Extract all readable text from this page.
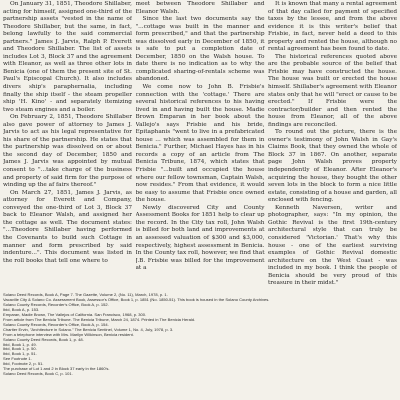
On January 31, 1851, Theodore Shillaber, acting for himself, assigned one-third of the partnership assets "vested in the name of Theodore Shillaber, but the same, in fact, belong lawfully to the said commercial partners." James J. Jarvis, Ralph P. Everett and Theodore Shillaber. The list of assets includes Lot 3, Block 37 and the agreement with Eleanor, as well as three other lots in Benicia (one of them the present site of St. Paul's Episcopal Church). It also includes divers ship's paraphernalia, including finally the ship itself - the steam propeller ship 'H. Kino' - and separately itemizing two steam engines and a boiler.

On February 2, 1851, Theodore Shillaber also gave power of attorney to James J. Jarvis to act as his legal representative for his share of the partnership. He states that the partnership was dissolved on or about the second day of December, 1850 and James J. Jarvis was appointed by mutual consent to "...take charge of the business and property of said firm for the purpose of winding up the af fairs thereof."

On March 27, 1851, James J. Jarvis, as attorney for Everett and Company, conveyed the one-third of Lot 3, Block 37 back to Eleanor Walsh, and assigned her the cottage as well. The document states: "...Theodore Shillaber having performed the Covenants to build such Cottage in manner and form prescribed by said indenture...". This document was listed in the roll books that tell one where to

meet between Theodore Shillaber and Eleanor Walsh.

Since the last two documents say the "...cottage was built in the manner and form prescribed," and that the partnership was dissolved early in December of 1850, it is safe to put a completion date of December, 1850 on the Walsh house. To date there is no indication as to why the complicated sharing-of-rentals scheme was abandoned.

We come now to John B. Frisbie's connection with the 'cottage.' There are several historical references to his having lived in and having built the house. Madie Brown Emparan in her book about the Vallejo's says Frisbie and his bride, Epitaphanis "went to live in a prefabricated house ... which was assembled for them in Benicia." Further, Michael Hayes has in his records a copy of an article from The Benicia Tribune, 1874, which states that Frisbie "...built and occupied the house where our fellow townsman, Captain Walsh, now resides." From that evidence, it would be easy to assume that Frisbie once owned the house.

Newly discovered City and County Assessment Books for 1851 help to clear up the record. In the City tax roll, John Walsh is billed for both land and improvements at an assessed valuation of $300 and $3,000, respectively, highest assessment in Benicia. In the County tax roll, however, we find that J.B. Frisbie was billed for the improvement at a

It is known that many a rental agreement of that day called for payment of specified taxes by the lessee, and from the above evidence it is this writer's belief that Frisbie, in fact, never held a deed to this property and rented the house, although no rental agreement has been found to date.

The historical references quoted above are the probable source of the belief that Frisbie may have constructed the house. The house was built or erected the house himself. Shillaber's agreement with Eleanor states only that he will "erect or cause to be erected." If Frisbie were the contractor/builder and then rented the house from Eleanor, all of the above findings are reconciled.

To round out the picture, there is the owner's testimony of John Walsh in Gay's Claims Book, that they owned the whole of Block 37 in 1867. On another, separate page John Walsh proves property independently of Eleanor. After Eleanor's acquiring the house, they bought the other seven lots in the block to form a nice little estate, consisting of a house and garden, all enclosed with fencing.

Kenneth Naversen, writer and photographer, says: "In my opinion, the Gothic Revival is the first 19th-century architectural style that can truly be considered 'Victorian.' That's why this house - one of the earliest surviving examples of Gothic Revival domestic architecture on the West Coast - was included in my book. I think the people of Benicia should be very proud of this treasure in their midst."

Solano Deed Records, Book A, Page 7. The Gazette, Volume 2, (No. 11), March, 1978, p. 1.
Vacaville City & Solano Co. Assessment Book, Assessor's Office, Book 1, p. 1851 (No. 1850-51). This book is housed in the Solano County Archives.
Solano County Records, Recorder's Office, Book A, p. 152.
Ibid, Book A, p. 153.
Emparan, Madie Brown, The Vallejos of California. San Francisco, 1968, p. 300.
From article from The Benicia Tribune. The Benicia Tribune, March 24, 1874. Printed in The Benicia Herald.
Solano County Records, Recorder's Office, Book A, p. 154.
Chartier Ervin, "Architecture in Solano." The Benicia Sentinel, Volume 1, No. 4, July, 1978, p. 3.
From a telephone interview with Mrs. Marilyn Wilkinson, Benicia resident.
Solano County Deed Records, Book 1, p. 48.
Ibid, Book 1, p. 49.
Ibid, Book 1, p. 50.
Ibid, Book 1, p. 51.
See Footnote 1.
Ibid, Footnote 2, p. 51.
The purchase of Lot 1 and 2 in Block 37 early in the 1860's.
Solano Deed Records, Book C, p. 101.
